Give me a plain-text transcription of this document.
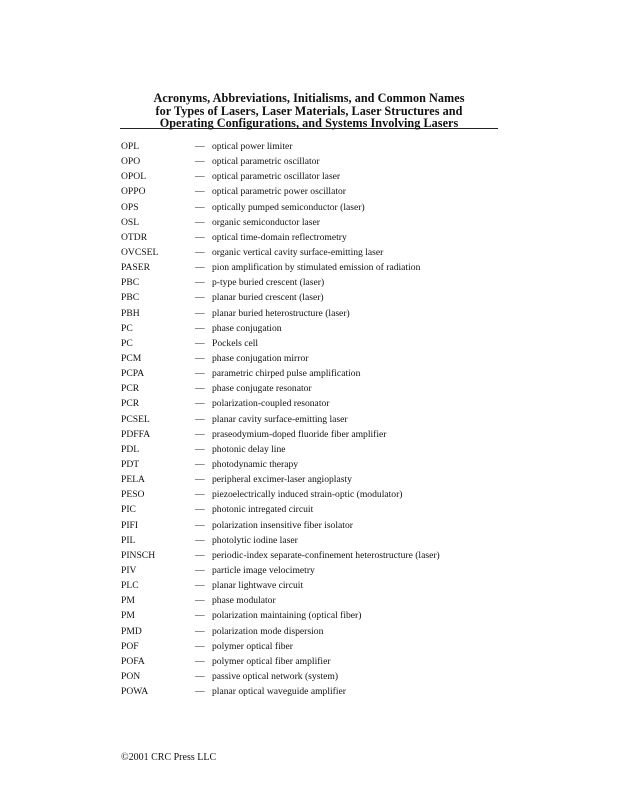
Acronyms, Abbreviations, Initialisms, and Common Names
for Types of Lasers, Laser Materials, Laser Structures and
Operating Configurations, and Systems Involving Lasers
OPL	— optical power limiter
OPO	— optical parametric oscillator
OPOL	— optical parametric oscillator laser
OPPO	— optical parametric power oscillator
OPS	— optically pumped semiconductor (laser)
OSL	— organic semiconductor laser
OTDR	— optical time-domain reflectrometry
OVCSEL	— organic vertical cavity surface-emitting laser
PASER	— pion amplification by stimulated emission of radiation
PBC	— p-type buried crescent (laser)
PBC	— planar buried crescent (laser)
PBH	— planar buried heterostructure (laser)
PC	— phase conjugation
PC	— Pockels cell
PCM	— phase conjugation mirror
PCPA	— parametric chirped pulse amplification
PCR	— phase conjugate resonator
PCR	— polarization-coupled resonator
PCSEL	— planar cavity surface-emitting laser
PDFFA	— praseodymium-doped fluoride fiber amplifier
PDL	— photonic delay line
PDT	— photodynamic therapy
PELA	— peripheral excimer-laser angioplasty
PESO	— piezoelectrically induced strain-optic (modulator)
PIC	— photonic intregated circuit
PIFI	— polarization insensitive fiber isolator
PIL	— photolytic iodine laser
PINSCH	— periodic-index separate-confinement heterostructure (laser)
PIV	— particle image velocimetry
PLC	— planar lightwave circuit
PM	— phase modulator
PM	— polarization maintaining (optical fiber)
PMD	— polarization mode dispersion
POF	— polymer optical fiber
POFA	— polymer optical fiber amplifier
PON	— passive optical network (system)
POWA	— planar optical waveguide amplifier
©2001 CRC Press LLC
